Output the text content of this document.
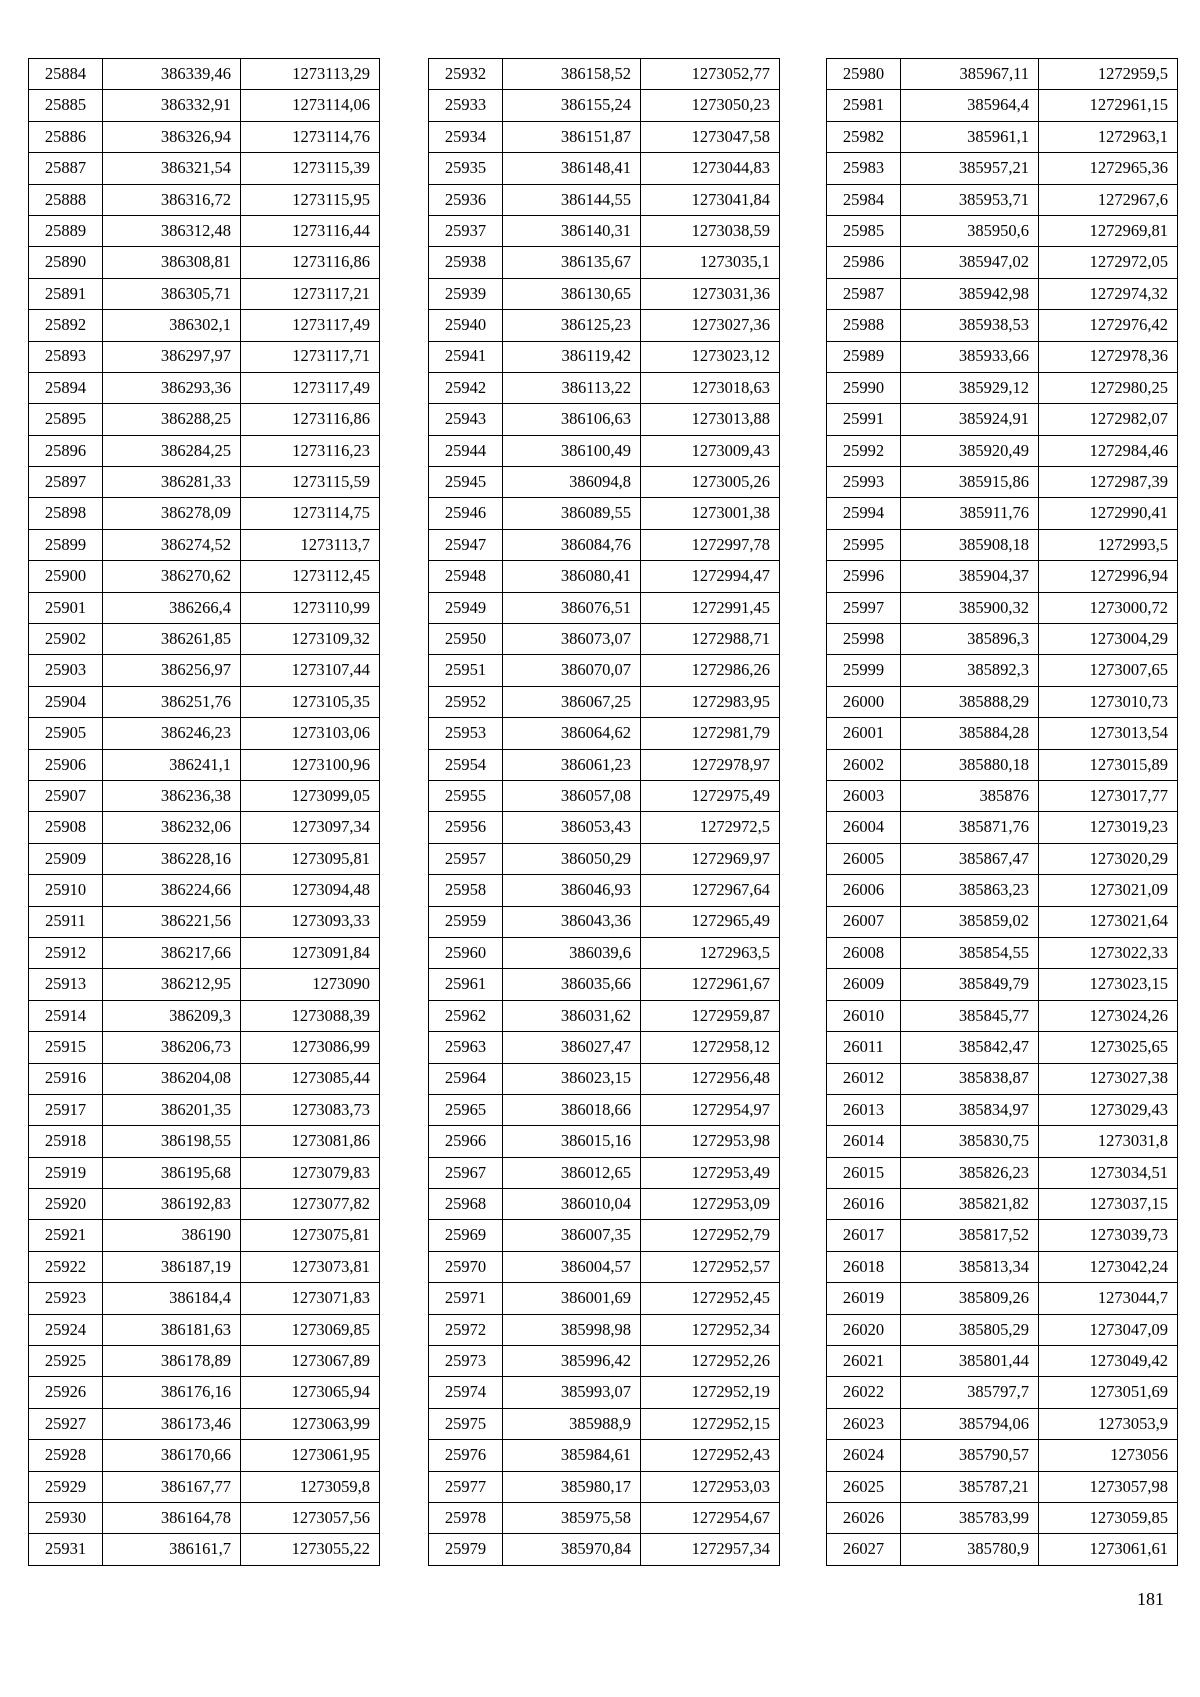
25884	386339,46	1273113,29
25885	386332,91	1273114,06
25886	386326,94	1273114,76
25887	386321,54	1273115,39
25888	386316,72	1273115,95
25889	386312,48	1273116,44
25890	386308,81	1273116,86
25891	386305,71	1273117,21
25892	386302,1	1273117,49
25893	386297,97	1273117,71
25894	386293,36	1273117,49
25895	386288,25	1273116,86
25896	386284,25	1273116,23
25897	386281,33	1273115,59
25898	386278,09	1273114,75
25899	386274,52	1273113,7
25900	386270,62	1273112,45
25901	386266,4	1273110,99
25902	386261,85	1273109,32
25903	386256,97	1273107,44
25904	386251,76	1273105,35
25905	386246,23	1273103,06
25906	386241,1	1273100,96
25907	386236,38	1273099,05
25908	386232,06	1273097,34
25909	386228,16	1273095,81
25910	386224,66	1273094,48
25911	386221,56	1273093,33
25912	386217,66	1273091,84
25913	386212,95	1273090
25914	386209,3	1273088,39
25915	386206,73	1273086,99
25916	386204,08	1273085,44
25917	386201,35	1273083,73
25918	386198,55	1273081,86
25919	386195,68	1273079,83
25920	386192,83	1273077,82
25921	386190	1273075,81
25922	386187,19	1273073,81
25923	386184,4	1273071,83
25924	386181,63	1273069,85
25925	386178,89	1273067,89
25926	386176,16	1273065,94
25927	386173,46	1273063,99
25928	386170,66	1273061,95
25929	386167,77	1273059,8
25930	386164,78	1273057,56
25931	386161,7	1273055,22
25932	386158,52	1273052,77
25933	386155,24	1273050,23
25934	386151,87	1273047,58
25935	386148,41	1273044,83
25936	386144,55	1273041,84
25937	386140,31	1273038,59
25938	386135,67	1273035,1
25939	386130,65	1273031,36
25940	386125,23	1273027,36
25941	386119,42	1273023,12
25942	386113,22	1273018,63
25943	386106,63	1273013,88
25944	386100,49	1273009,43
25945	386094,8	1273005,26
25946	386089,55	1273001,38
25947	386084,76	1272997,78
25948	386080,41	1272994,47
25949	386076,51	1272991,45
25950	386073,07	1272988,71
25951	386070,07	1272986,26
25952	386067,25	1272983,95
25953	386064,62	1272981,79
25954	386061,23	1272978,97
25955	386057,08	1272975,49
25956	386053,43	1272972,5
25957	386050,29	1272969,97
25958	386046,93	1272967,64
25959	386043,36	1272965,49
25960	386039,6	1272963,5
25961	386035,66	1272961,67
25962	386031,62	1272959,87
25963	386027,47	1272958,12
25964	386023,15	1272956,48
25965	386018,66	1272954,97
25966	386015,16	1272953,98
25967	386012,65	1272953,49
25968	386010,04	1272953,09
25969	386007,35	1272952,79
25970	386004,57	1272952,57
25971	386001,69	1272952,45
25972	385998,98	1272952,34
25973	385996,42	1272952,26
25974	385993,07	1272952,19
25975	385988,9	1272952,15
25976	385984,61	1272952,43
25977	385980,17	1272953,03
25978	385975,58	1272954,67
25979	385970,84	1272957,34
25980	385967,11	1272959,5
25981	385964,4	1272961,15
25982	385961,1	1272963,1
25983	385957,21	1272965,36
25984	385953,71	1272967,6
25985	385950,6	1272969,81
25986	385947,02	1272972,05
25987	385942,98	1272974,32
25988	385938,53	1272976,42
25989	385933,66	1272978,36
25990	385929,12	1272980,25
25991	385924,91	1272982,07
25992	385920,49	1272984,46
25993	385915,86	1272987,39
25994	385911,76	1272990,41
25995	385908,18	1272993,5
25996	385904,37	1272996,94
25997	385900,32	1273000,72
25998	385896,3	1273004,29
25999	385892,3	1273007,65
26000	385888,29	1273010,73
26001	385884,28	1273013,54
26002	385880,18	1273015,89
26003	385876	1273017,77
26004	385871,76	1273019,23
26005	385867,47	1273020,29
26006	385863,23	1273021,09
26007	385859,02	1273021,64
26008	385854,55	1273022,33
26009	385849,79	1273023,15
26010	385845,77	1273024,26
26011	385842,47	1273025,65
26012	385838,87	1273027,38
26013	385834,97	1273029,43
26014	385830,75	1273031,8
26015	385826,23	1273034,51
26016	385821,82	1273037,15
26017	385817,52	1273039,73
26018	385813,34	1273042,24
26019	385809,26	1273044,7
26020	385805,29	1273047,09
26021	385801,44	1273049,42
26022	385797,7	1273051,69
26023	385794,06	1273053,9
26024	385790,57	1273056
26025	385787,21	1273057,98
26026	385783,99	1273059,85
26027	385780,9	1273061,61
181
